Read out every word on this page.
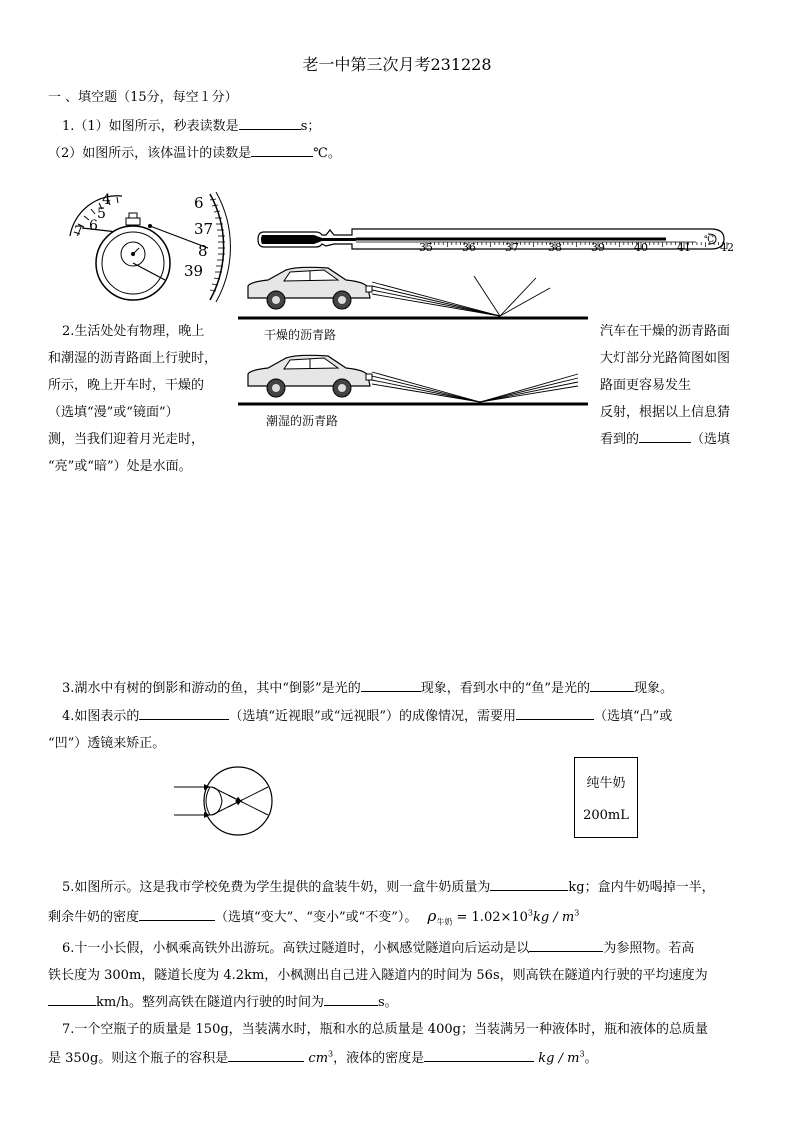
老一中第三次月考231228
一 、填空题（15分，每空１分）
1.（1）如图所示，秒表读数是	s；
（2）如图所示，该体温计的读数是	℃。
4
5
6
7
6
37
8
39
35	36	37	38	39	40	41	42
℃
干燥的沥青路
潮湿的沥青路
2.生活处处有物理，晚上
和潮湿的沥青路面上行驶时，
所示，晚上开车时，干燥的
（选填“漫”或“镜面”）
测，当我们迎着月光走时，
“亮”或“暗”）处是水面。
汽车在干燥的沥青路面
大灯部分光路简图如图
路面更容易发生
反射，根据以上信息猜
看到的	（选填
3.湖水中有树的倒影和游动的鱼，其中“倒影”是光的	现象，看到水中的“鱼”是光的	现象。
4.如图表示的	（选填“近视眼”或“远视眼”）的成像情况，需要用	（选填“凸”或
“凹”）透镜来矫正。
纯牛奶
200mL
5.如图所示。这是我市学校免费为学生提供的盒装牛奶，则一盒牛奶质量为	kg；盒内牛奶喝掉一半，
剩余牛奶的密度	（选填“变大”、“变小”或“不变”）。 $\rho_{牛奶} = 1.02\times 10^3kg / m^3$
6.十一小长假，小枫乘高铁外出游玩。高铁过隧道时，小枫感觉隧道向后运动是以	为参照物。若高
铁长度为 300m，隧道长度为 4.2km，小枫测出自己进入隧道内的时间为 56s，则高铁在隧道内行驶的平均速度为
km/h。整列高铁在隧道内行驶的时间为	s。
7.一个空瓶子的质量是 150g，当装满水时，瓶和水的总质量是 400g；当装满另一种液体时，瓶和液体的总质量
是 350g。则这个瓶子的容积是	$cm^3$，液体的密度是	kg / $m^3$。
